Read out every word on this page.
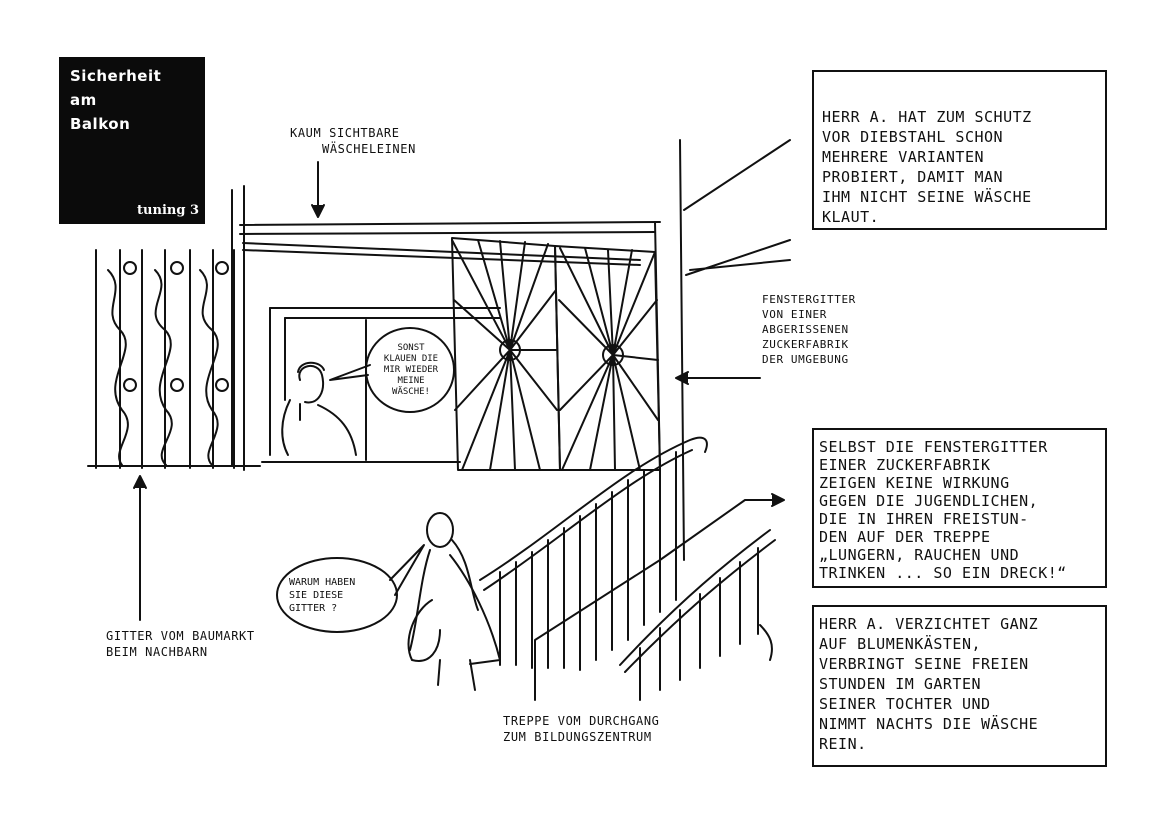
Sicherheit
am
Balkon
tuning 3
HERR A. HAT ZUM SCHUTZ
VOR DIEBSTAHL SCHON
MEHRERE VARIANTEN
PROBIERT, DAMIT MAN
IHM NICHT SEINE WÄSCHE
KLAUT.
SELBST DIE FENSTERGITTER
EINER ZUCKERFABRIK
ZEIGEN KEINE WIRKUNG
GEGEN DIE JUGENDLICHEN,
DIE IN IHREN FREISTUN-
DEN AUF DER TREPPE
„LUNGERN, RAUCHEN UND
TRINKEN ... SO EIN DRECK!“
HERR A. VERZICHTET GANZ
AUF BLUMENKÄSTEN,
VERBRINGT SEINE FREIEN
STUNDEN IM GARTEN
SEINER TOCHTER UND
NIMMT NACHTS DIE WÄSCHE
REIN.
KAUM SICHTBARE
WÄSCHELEINEN
FENSTERGITTER
VON EINER
ABGERISSENEN
ZUCKERFABRIK
DER UMGEBUNG
GITTER VOM BAUMARKT
BEIM NACHBARN
TREPPE VOM DURCHGANG
ZUM BILDUNGSZENTRUM
SONST
KLAUEN DIE
MIR WIEDER
MEINE
WÄSCHE!
WARUM HABEN
SIE DIESE
GITTER ?
